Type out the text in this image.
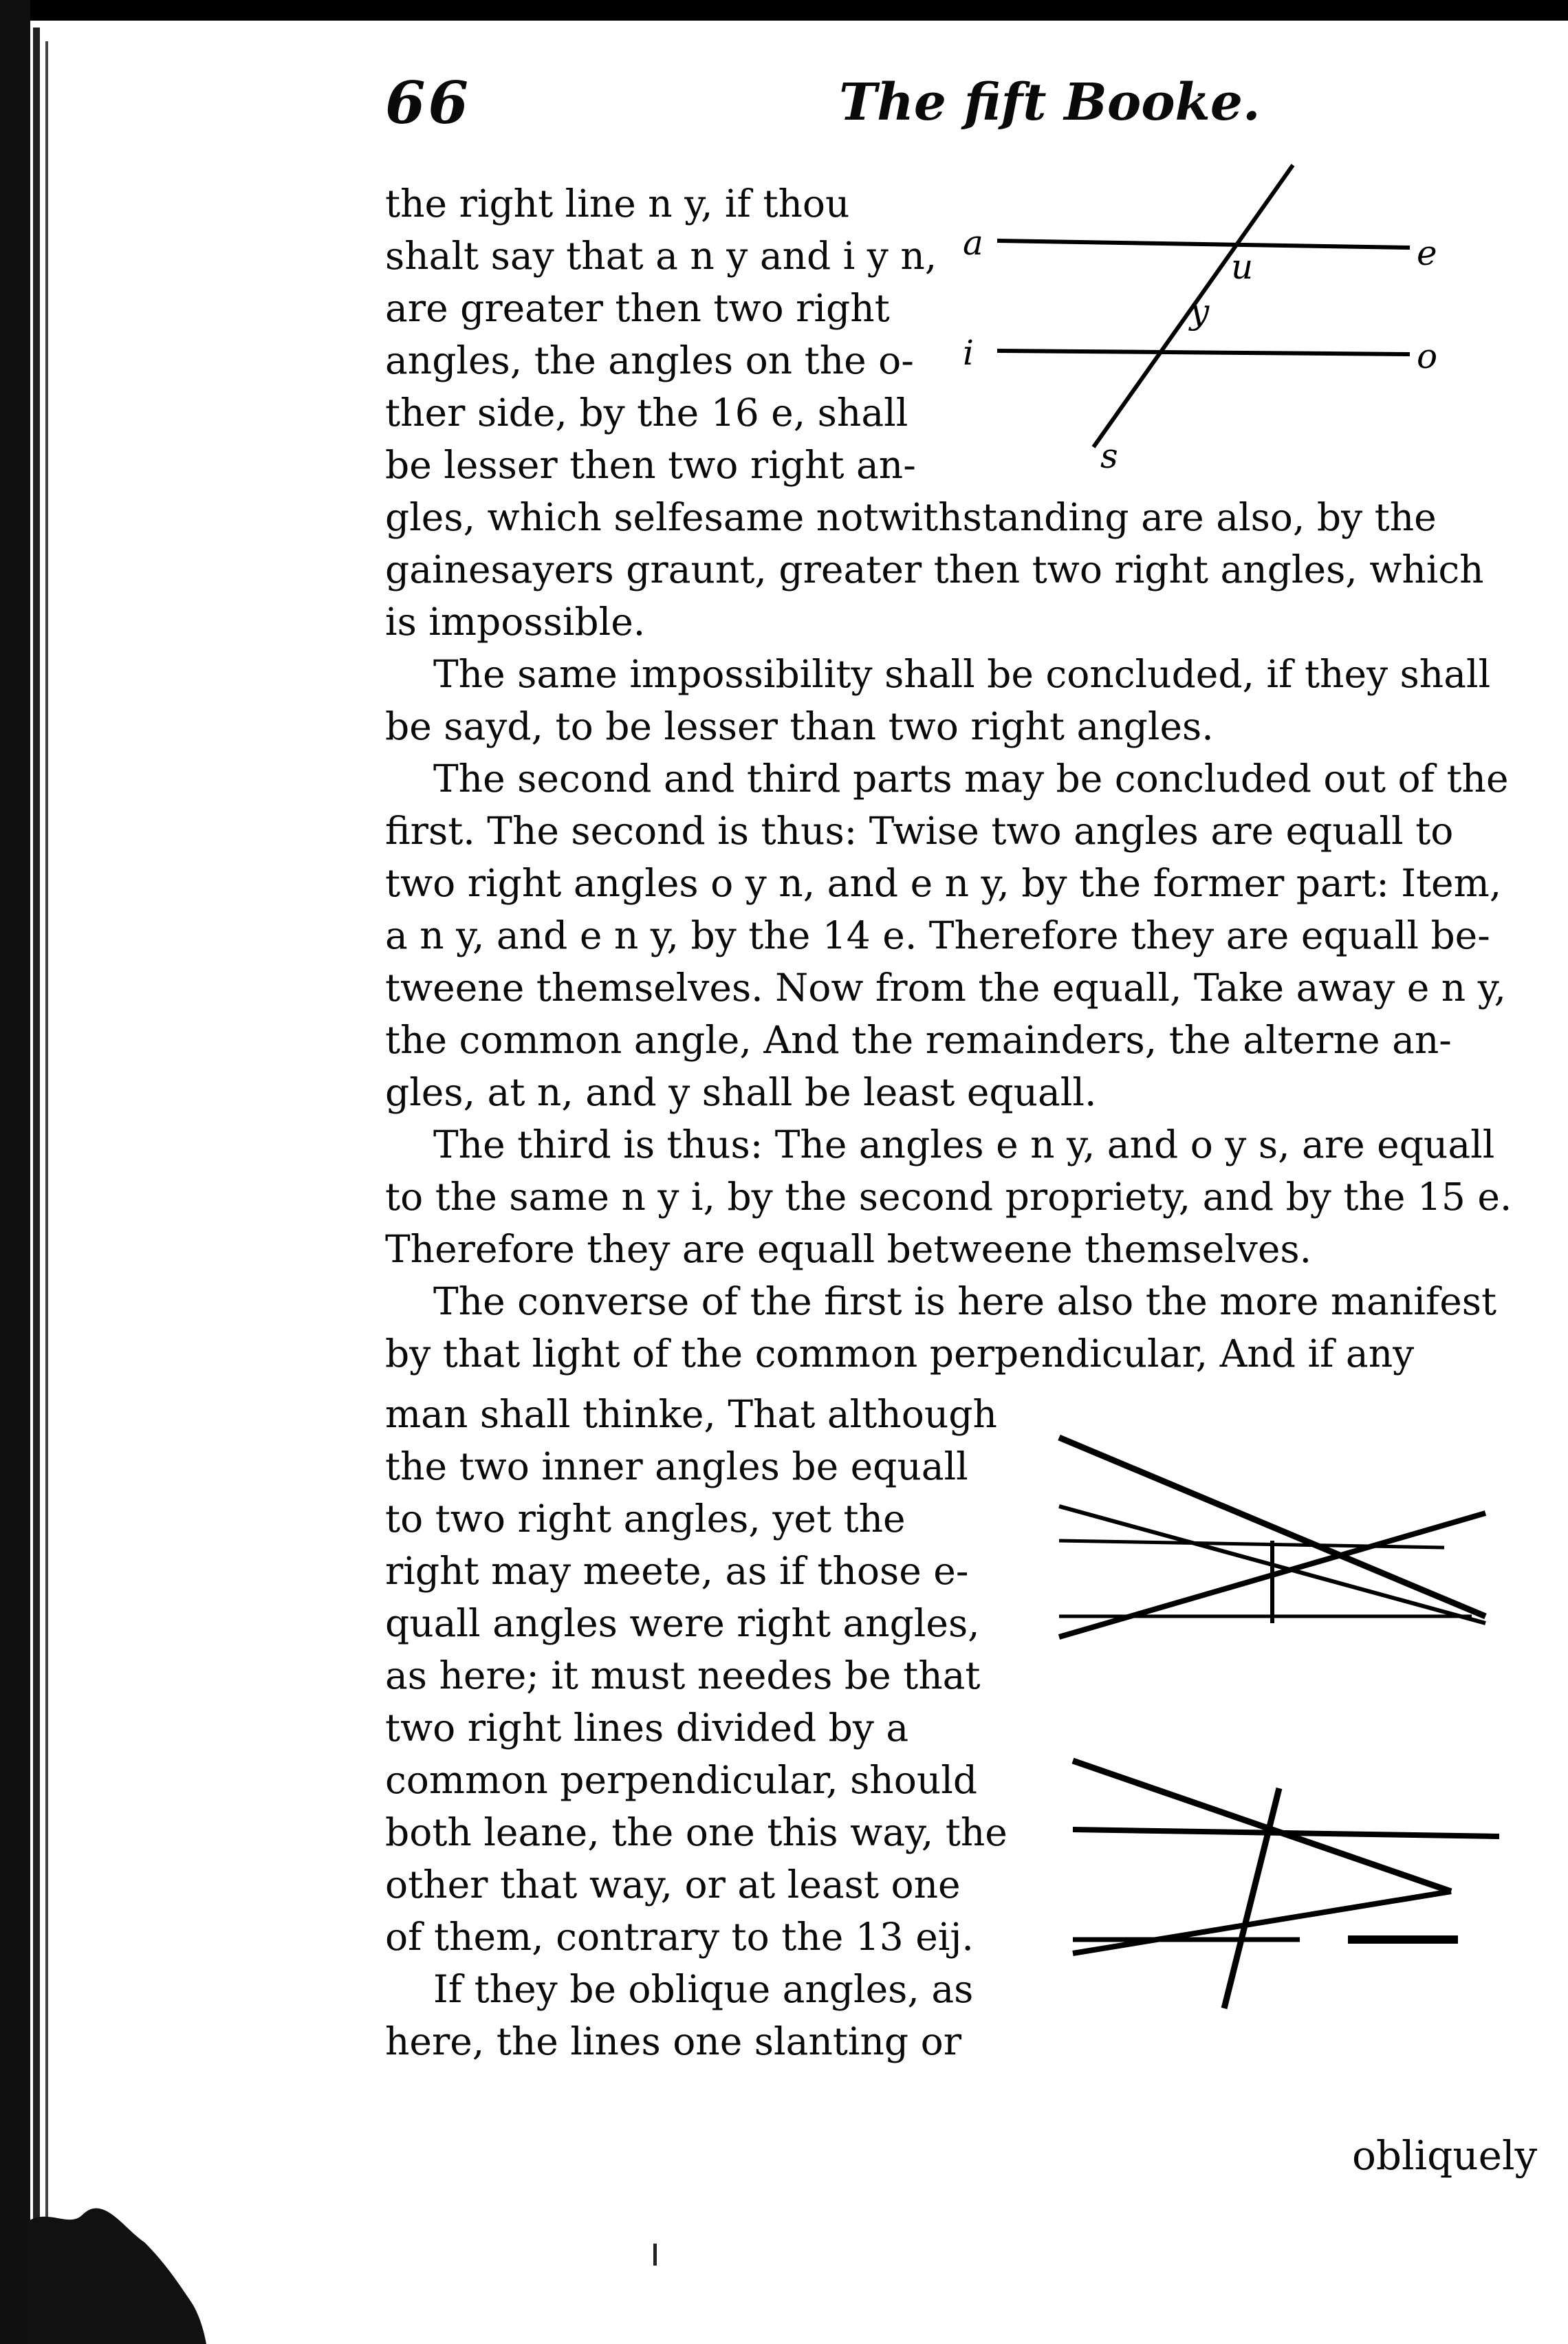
66	The fift Booke.
the right line n y, if thou
shalt say that a n y and i y n,
are greater then two right
angles, the angles on the o-
ther side, by the 16 e, shall
be lesser then two right an-
a	e
u
y
i	o
s
gles, which selfesame notwithstanding are also, by the
gainesayers graunt, greater then two right angles, which
is impossible.
The same impossibility shall be concluded, if they shall
be sayd, to be lesser than two right angles.
The second and third parts may be concluded out of the
first. The second is thus: Twise two angles are equall to
two right angles o y n, and e n y, by the former part: Item,
a n y, and e n y, by the 14 e. Therefore they are equall be-
tweene themselves. Now from the equall, Take away e n y,
the common angle, And the remainders, the alterne an-
gles, at n, and y shall be least equall.
The third is thus: The angles e n y, and o y s, are equall
to the same n y i, by the second propriety, and by the 15 e.
Therefore they are equall betweene themselves.
The converse of the first is here also the more manifest
by that light of the common perpendicular, And if any
man shall thinke, That although
the two inner angles be equall
to two right angles, yet the
right may meete, as if those e-
quall angles were right angles,
as here; it must needes be that
two right lines divided by a
common perpendicular, should
both leane, the one this way, the
other that way, or at least one
of them, contrary to the 13 eij.
If they be oblique angles, as
here, the lines one slanting or
obliquely
